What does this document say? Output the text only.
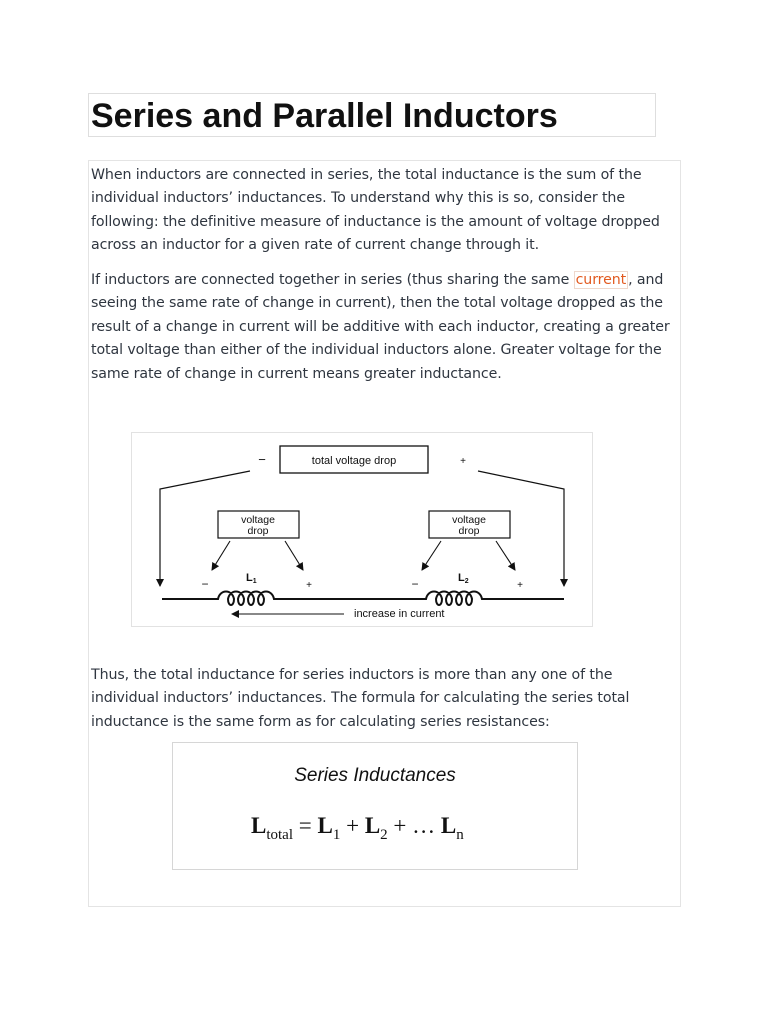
Series and Parallel Inductors

When inductors are connected in series, the total inductance is the sum of the individual inductors’ inductances. To understand why this is so, consider the following: the definitive measure of inductance is the amount of voltage dropped across an inductor for a given rate of current change through it.

If inductors are connected together in series (thus sharing the same current , and seeing the same rate of change in current), then the total voltage dropped as the result of a change in current will be additive with each inductor, creating a greater total voltage than either of the individual inductors alone. Greater voltage for the same rate of change in current means greater inductance.

Thus, the total inductance for series inductors is more than any one of the individual inductors’ inductances. The formula for calculating the series total inductance is the same form as for calculating series resistances:

total voltage drop
−	+
voltage
drop
voltage
drop
L1	L2
−	+	−	+
increase in current
Series Inductances
$L_{total} = L_1 + L_2$ + … $L_n$
